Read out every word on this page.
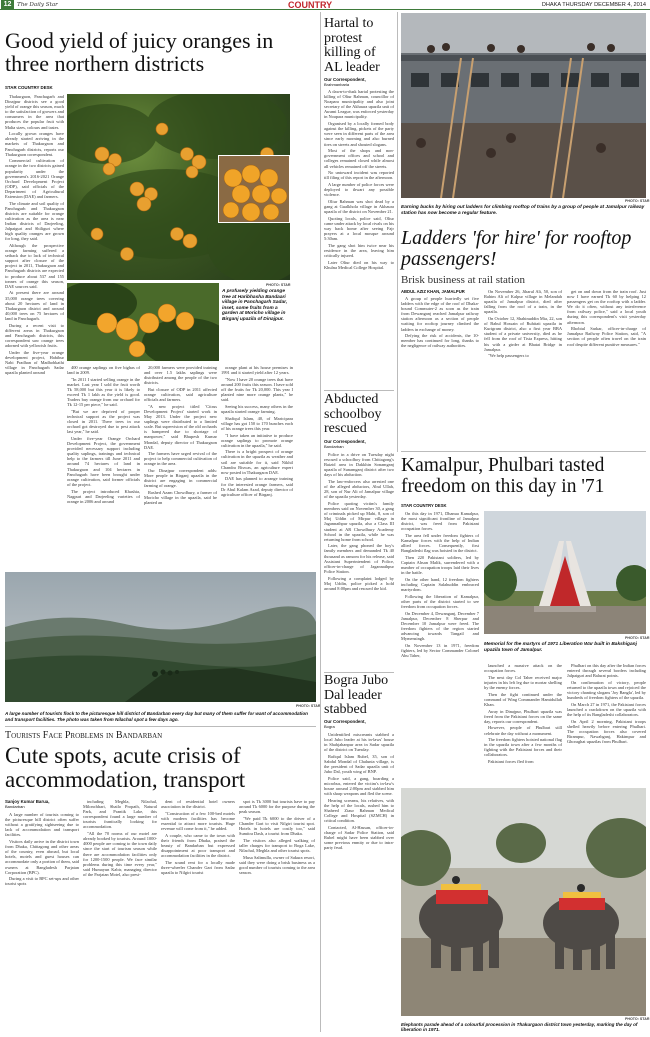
12	The Daily Star	COUNTRY	DHAKA THURSDAY DECEMBER 4, 2014
Good yield of juicy oranges in three northern districts
STAR COUNTRY DESK

Thakurgaon, Panchagarh and Dinajpur districts see a good yield of orange this season, much to the satisfaction of growers and consumers in the area that produces the popular fruit with Malta sizes, colours and tastes.

Locally grown oranges have already started arriving in the markets of Thakurgaon and Panchagarh districts, reports our Thakurgaon correspondent.

Commercial cultivation of orange in the two districts gained popularity under the government's 2016-2021 Orange Orchard Development Project (ODP), said officials of the Department of Agricultural Extension (DAE) and farmers.

The climate and soil quality of Panchagarh and Thakurgaon districts are suitable for orange cultivation as the area is near Indian districts of Darjeeling, Jalpaiguri and Shiliguri where high quality oranges are grown for long, they said.

Although the prospective orange farming suffered a setback due to lack of technical support after closure of the project in 2011, Thakurgaon and Panchagarh districts are expected to produce about 537 and 155 tonnes of orange this season, DAE sources said.

At present there are around 35,000 orange trees covering about 20 hectares of land in Thakurgaon district and around 40,000 trees on 75 hectares of land in Panchagarh.

During a recent visit to different areas in Thakurgaon and Panchagarh districts, this correspondent saw orange trees adorned with yellowish fruits.

Under the five-year orange development project, Habibur Nabi Pradhan of Madhobkathi village in Panchagarh Sadar upazila planted around

PHOTO: STAR
A profusely yielding orange tree at Haribhasha Bandaari village in Panchagarh Sadar, inset, some fruits from a garden at Moricho village in Birganj upazila of Dinajpur.

400 orange saplings on five bighas of land in 2009.

"In 2011 I started selling orange in the market. Last year I sold the fruit worth Tk 58,000 but this year it is likely to exceed Tk 1 lakh as the yield is good. Traders buy orange from our orchard for Tk 12-15 per piece," he said.

"But we are deprived of proper technical support as the project was closed in 2011. There trees in our orchard got destroyed due to pest attack last year," he said.

Under five-year Orange Orchard Development Project, the government provided necessary support including quality saplings, trainings and technical help to the farmers till June 2011 and around 74 hectares of land in Thakurgaon and 104 hectares in Panchagarh have been brought under orange cultivation, said former officials of the project.

The project introduced Khashia, Nagpuri and Darjeeling varieties of orange in 2006 and around

20,000 farmers were provided training and over 1.5 lakhs saplings were distributed among the people of the two districts.

But closure of ODP in 2011 affected orange cultivation, said agriculture officials and farmers.

"A new project titled 'Citrus Development Project' started work in May 2013. Under the project new saplings were distributed to a limited scale. But supervision of the old orchards is hampered due to shortage of manpower," said Bhupesh Kumar Mondal, deputy director of Thakurgaon DAE.

The farmers have urged revival of the project to help commercial cultivation of orange in the area.

Our Dinajpur correspondent adds: More people in Birganj upazila in the district are engaging in commercial farming of orange.

Rashed Azam Chowdhury, a farmer of Moricho village in the upazila, said he planted an

orange plant at his house premises in 1991 and it started yield after 12 years.

"Now I have 20 orange trees that have around 200 fruits this season. I have sold off the fruits for Tk 20,000. This year I planted nine more orange plants," he said.

Seeing his success, many others in the upazila started orange farming.

Shafiqul Islam, 40, of Maricipara village has got 150 to 170 bunches each of his orange trees this year.

"I have taken an initiative to produce orange saplings to promote orange cultivation in the upazila," he said.

There is a bright prospect of orange cultivation in the upazila as weather and soil are suitable for it, said Nikhil Chandra Biswas, an agriculture expert now posted in Thakurgaon DAE.

DAE has planned to arrange training for the interested orange farmers, said Dr Abul Kalam Azad, deputy director of agriculture officer of Birganj.

PHOTO: STAR
A large number of tourists flock to the picturesque hill district of Bandarban every day but many of them suffer for want of accommodation and transport facilities. The photo was taken from Nilachal spot a few days ago.
Tourists Face Problems in Bandarban
Cute spots, acute crisis of accommodation, transport
Sanjoy Kumar Barua,
Bandarban

A large number of tourists coming to the picturesque hill district often suffer without a gratifying sightseeing due to lack of accommodation and transport facilities.

Visitors daily arrive in the district town from Dhaka, Chittagong and other areas of the country, even abroad, but local hotels, motels and guest houses can accommodate only a portion of them, said owners at Bangladesh Parjatan Corporation (BPC).

During a visit to BPC set-ups and other tourist spots

including Meghla, Nilachal, Milonchhari, Shailo Propath, Natural Park, and Prantik Lake, this correspondent found a large number of tourists frantically looking for accommodation.

"All the 70 rooms of our motel are already booked by tourists. Around 1000-4000 people are coming to the town daily since the start of tourism season while there are accommodation facilities only for 1200-1500 people. We face similar problems during this time every year," said Humayun Kabir, managing director of the Parjatan Motel, also presi-

dent of residential hotel owners association in the district.

"Construction of a few 100-bed motels with modern facilities has become essential to attract more tourists. Huge revenue will come from it," he added.

A couple, who came to the town with their friends from Dhaka, praised the beauty of Bandarban but expressed disappointment at poor transport and accommodation facilities in the district.

The sound rent for a locally made three-wheeler Chander Gari from Sadar upazila to Nilgiri tourist

spot is Tk 3000 but tourists have to pay around Tk 6000 for the purpose during the peak season.

"We paid Tk 6000 to the driver of a Chander Gari to visit Nilgiri tourist spot. Hotels in hotels are costly too," said Sumitra Dash, a tourist from Dhaka.

The visitors also alleged walking of taller charges for transport to Boga Lake, Nilachal, Meghla and other tourist spots.

Musa Salimulla, owner of Sakura resort, said they were doing a brisk business as a good number of tourists coming to the area season.

Hartal to protest killing of AL leader
Our Correspondent,
Brahmanbaria

A dawn-to-dusk hartal protesting the killing of Oliur Rahman, councillor of Noapara municipality and also joint secretary of the Akhaura upazila unit of Awami League, was enforced yesterday in Noapara municipality.

Organised by a locally formed body against the killing, pickets of the party were seen in different parts of the area since early morning and also burned tires on streets and shouted slogans.

Most of the shops and non-government offices and school and colleges remained closed while almost all vehicles remained off the streets.

No untoward incident was reported till filing of this report in the afternoon.

A large number of police forces were deployed to thwart any possible violence.

Oliur Rahman was shot dead by a gang at Gualkhola village in Akhaura upazila of the district on November 21.

Quoting locals, police said, Oliur came under attack by local rivals on his way back home after seeing Fajr prayers at a local mosque around 5:30am.

The gang shot him twice near his residence in the area, leaving him critically injured.

Later Oliur died on his way to Khulna Medical College Hospital.

Abducted schoolboy rescued
Our Correspondent,
Bandarban

Police in a drive on Tuesday night rescued a schoolboy from Chittagong's Baizid area in Dakkhin Sonamganj upazila of Sunamganj district after two days of his abduction.

The law-enforcers also arrested one of the alleged abductors, Abul Ullah, 28, son of Nur Ali of Jamalpur village of the upazila yesterday.

Police quoting victim's family members said on November 30, a gang of criminals picked up Mahi, 8, son of Moj Uddin of Mirpur village in Jagannathpur upazila, also a Class III student at AR Chowdhury Academy School in the upazila, while he was returning home from school.

Later, the gang phoned the boy's family members and demanded Tk 40 thousand as ransom for his release, said Assistant Superintendent of Police, officer-in-charge of Jagannathpur Police Station.

Following a complaint lodged by Moj Uddin, police picked a hold around 8:00pm and rescued the kid.

Bogra Jubo Dal leader stabbed
Our Correspondent,
Bogra

Unidentified miscreants stabbed a local Jubo leader at his in-laws' house in Shahjahanpur area in Sadar upazila of the district on Tuesday.

Rafiqul Islam Rubel, 35, son of Sabdul Mondal of Chalunia village, is the president of Sadar upazila unit of Jubo Dal, youth wing of BNP.

Police said, a gang, boarding a microbus, entered the victim's in-law's house around 2:00pm and stabbed him with sharp weapons and fled the scene.

Hearing screams, his relatives, with the help of the locals, rushed him to Shaheed Ziaur Rahman Medical College and Hospital (SZMCH) in critical condition.

Contacted, Al-Hassan, officer-in-charge of Sadar Police Station, said Rubel might have been stabbed over some previous enmity or due to intra-party feud.

PHOTO: STAR
Earning bucks by hiring out ladders for climbing rooftop of trains by a group of people at Jamalpur railway station has now become a regular feature.
Ladders 'for hire' for rooftop passengers!
Brisk business at rail station
ABDUL AZIZ KHAN, JAMALPUR

A group of people hurriedly set five ladders with the edge of the roof of Dhaka-bound Commuter-2 as soon as the train from Dewanganj reached Jamalpur railway station afternoon as a section of people waiting for rooftop journey climbed the ladders in exchange of money.

Defying the risk of accidents, the 10-member has continued for long, thanks to the negligence of railway authorities.

On November 26, Jiharul Ali, 50, son of Rahim Ali of Kalpur village in Melandah upazila of Jamalpur district, died after falling from the roof of a train, in the upazila.

On October 12, Shahinuddin Mia, 22, son of Babul Hossain of Ruhitati upazila in Kurigram district, also a first year BBA student of a private university, died as he fell from the roof of Tista Express, hitting his with a girder at Bhatai Bridge in Jamalpur.

"We help passengers to

get on and down from the train roof. Just now I have earned Tk 60 by helping 12 passengers get on the rooftop with a ladder. We do it often, without any interference from railway police," said a local youth during this correspondent's visit yesterday afternoon.

Rhobiul Sarkar, officer-in-charge of Jamalpur Railway Police Station, said, "A section of people often travel on the train roof despite different punitive measures."

Kamalpur, Phulbari tasted freedom on this day in '71
STAR COUNTRY DESK

On this day in 1971, Dhanua Kamalpur, the most significant frontline of Jamalpur district, was freed from Pakistani occupation forces.

The area fell under freedom fighters of Kamalpur forces with the help of Indian allied forces. Consequently, first Bangladeshi flag was hoisted in the district.

Then 220 Pakistani soldiers, led by Captain Ahsan Malik, surrendered with a number of occupation troops laid their lives in the battle.

On the other hand, 12 freedom fighters including Captain Salahuddin embraced martyrdom.

Following the liberation of Kamalpur, other parts of the district started to see freedom from occupation forces.

On December 4, Dewanganj, December 7 Jamalpur, December 8 Sherpur and December 10 Jamalpur were freed. The freedom fighters of the region started advancing towards Tangail and Mymensingh.

On November 13 in 1971, freedom fighters, led by Sector Commander Colonel Abu Taher,

PHOTO: STAR
Memorial for the martyrs of 1971 Liberation War built in Bakshiganj upazila town of Jamalpur.

launched a massive attack on the occupation forces.

The next day Col Taher received major injuries in his left leg due to mortar shelling by the enemy forces.

Then the fight continued under the command of Wing Commander Hamidullah Khan.

Away in Dinajpur, Phulbari upazila was freed from the Pakistani forces on the same day, reports our correspondent.

However, people of Phulbari still celebrate the day without a monument.

The freedom fighters hoisted national flag in the upazila town after a few months of fighting with the Pakistani forces and their collaborators.

Pakistani forces fled from

Phulbari on this day after the Indian forces entered through several borders including Jalpaiguri and Balurat points.

On confirmation of victory, people returned to the upazila town and rejoiced the victory chanting slogans 'Joy Bangla', led by hundreds of freedom fighters of the upazila.

On March 27 in 1971, the Pakistani forces launched a crackdown on the upazila with the help of its Bangladeshi collaborators.

On April 2 morning, Pakistani troops shelled heavily before entering Phulbari. The occupation forces also covered Birampur, Nawabganj, Hakimpur and Ghoraghat upazilas from Phulbari.

PHOTO: STAR
Elephants parade ahead of a colourful procession in Thakurgaon district town yesterday, marking the day of liberation in 1971.
